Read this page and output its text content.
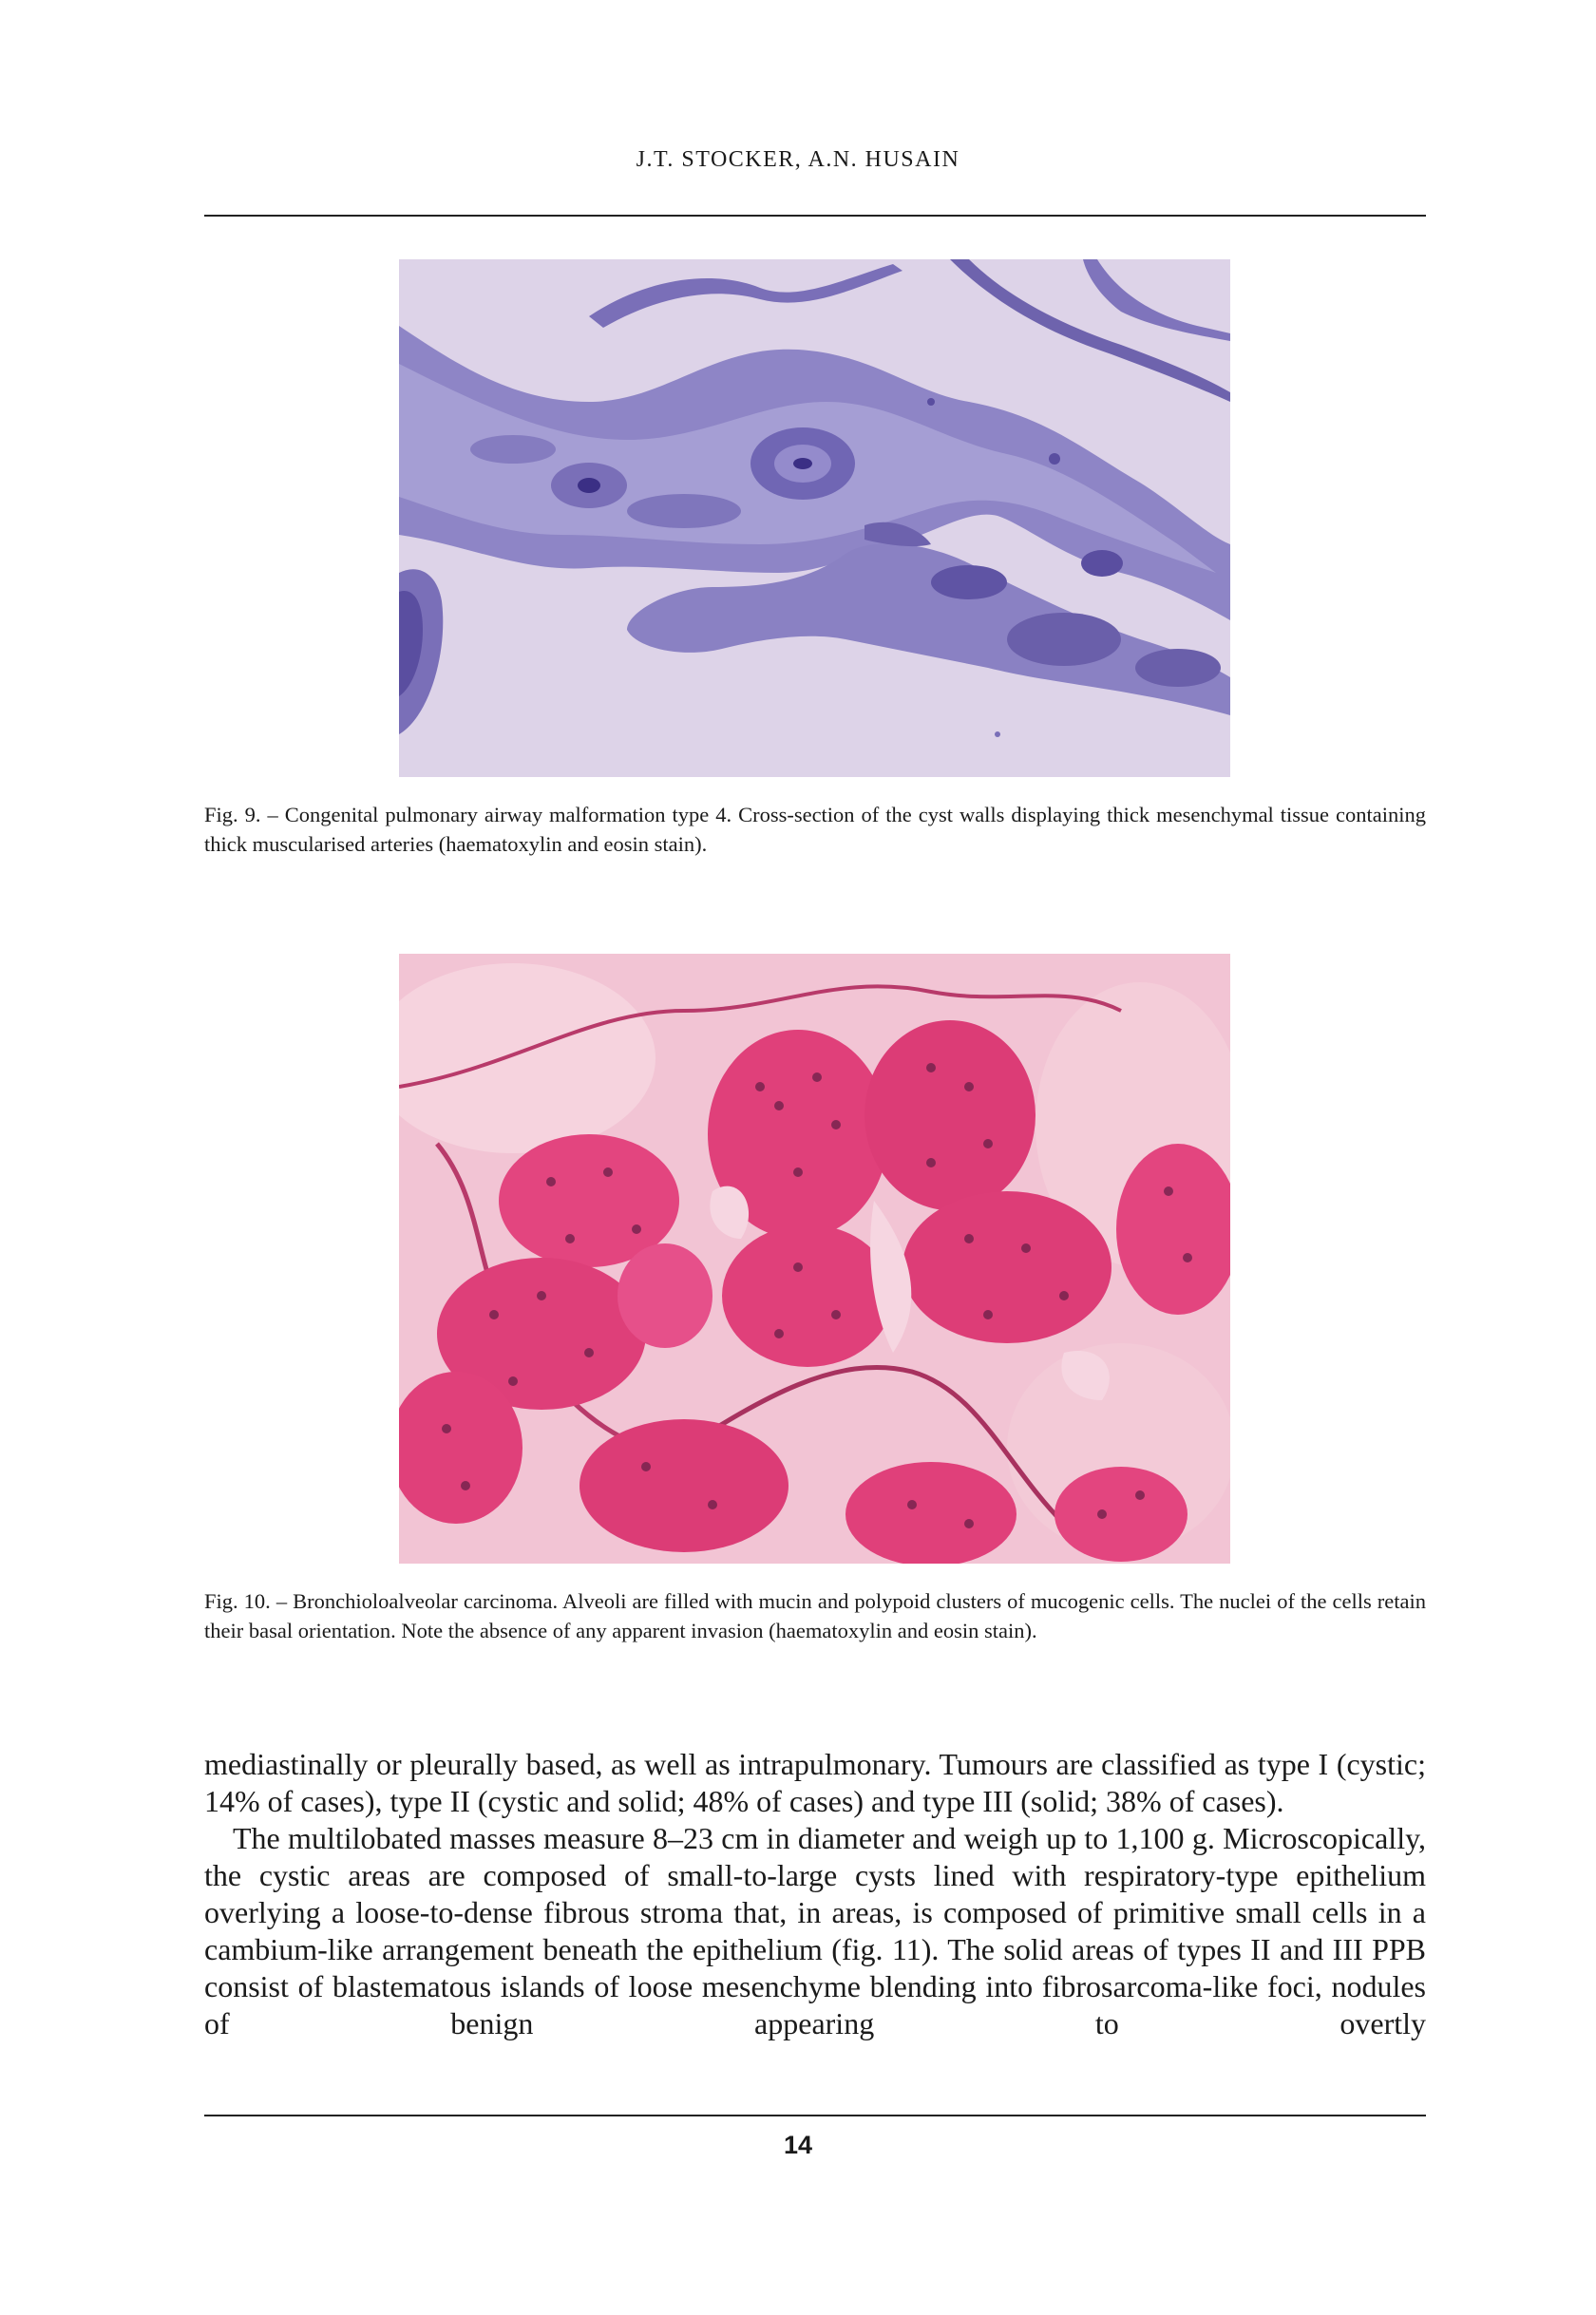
J.T. STOCKER, A.N. HUSAIN
Fig. 9. – Congenital pulmonary airway malformation type 4. Cross-section of the cyst walls displaying thick mesenchymal tissue containing thick muscularised arteries (haematoxylin and eosin stain).
Fig. 10. – Bronchioloalveolar carcinoma. Alveoli are filled with mucin and polypoid clusters of mucogenic cells. The nuclei of the cells retain their basal orientation. Note the absence of any apparent invasion (haematoxylin and eosin stain).

mediastinally or pleurally based, as well as intrapulmonary. Tumours are classified as type I (cystic; 14% of cases), type II (cystic and solid; 48% of cases) and type III (solid; 38% of cases).

The multilobated masses measure 8–23 cm in diameter and weigh up to 1,100 g. Microscopically, the cystic areas are composed of small-to-large cysts lined with respiratory-type epithelium overlying a loose-to-dense fibrous stroma that, in areas, is composed of primitive small cells in a cambium-like arrangement beneath the epithelium (fig. 11). The solid areas of types II and III PPB consist of blastematous islands of loose mesenchyme blending into fibrosarcoma-like foci, nodules of benign appearing to overtly

14
